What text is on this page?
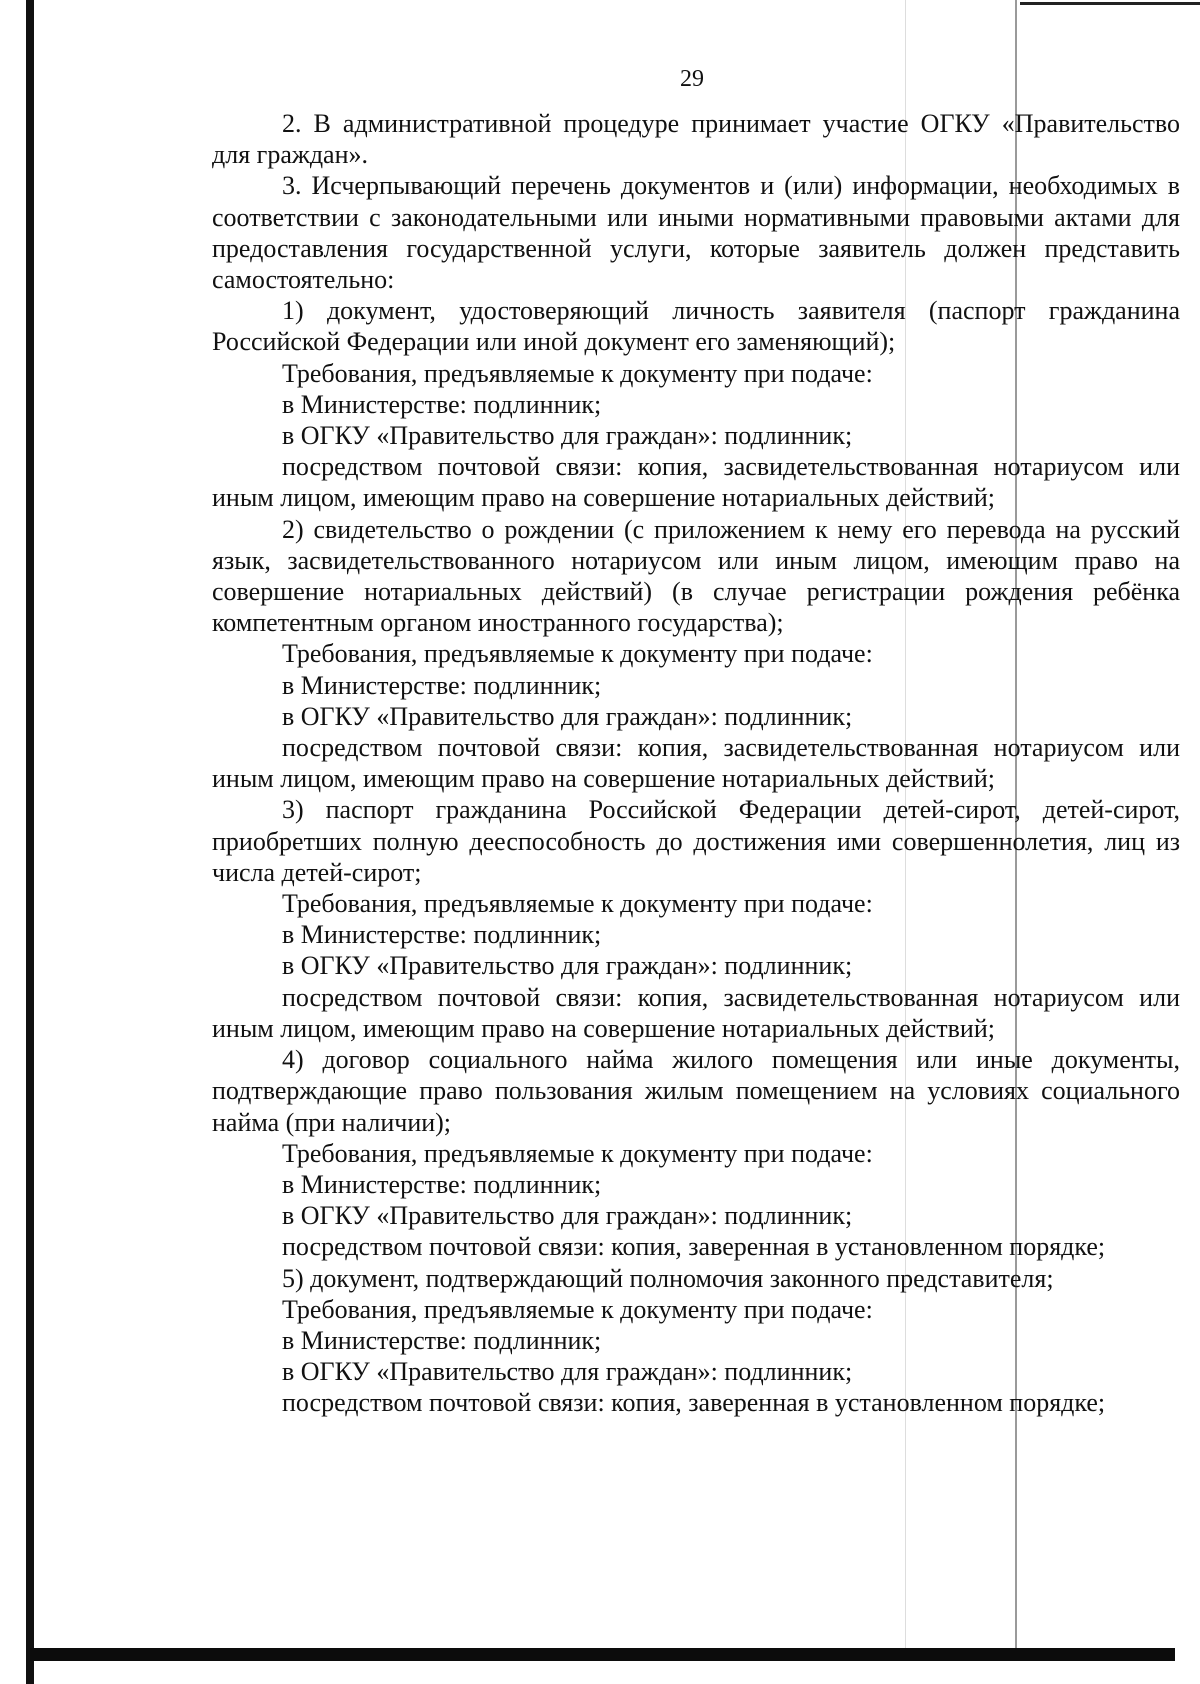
29

2. В административной процедуре принимает участие ОГКУ «Правительство для граждан».

3. Исчерпывающий перечень документов и (или) информации, необходимых в соответствии с законодательными или иными нормативными правовыми актами для предоставления государственной услуги, которые заявитель должен представить самостоятельно:

1) документ, удостоверяющий личность заявителя (паспорт гражданина Российской Федерации или иной документ его заменяющий);

Требования, предъявляемые к документу при подаче:

в Министерстве: подлинник;

в ОГКУ «Правительство для граждан»: подлинник;

посредством почтовой связи: копия, засвидетельствованная нотариусом или иным лицом, имеющим право на совершение нотариальных действий;

2) свидетельство о рождении (с приложением к нему его перевода на русский язык, засвидетельствованного нотариусом или иным лицом, имеющим право на совершение нотариальных действий) (в случае регистрации рождения ребёнка компетентным органом иностранного государства);

Требования, предъявляемые к документу при подаче:

в Министерстве: подлинник;

в ОГКУ «Правительство для граждан»: подлинник;

посредством почтовой связи: копия, засвидетельствованная нотариусом или иным лицом, имеющим право на совершение нотариальных действий;

3) паспорт гражданина Российской Федерации детей-сирот, детей-сирот, приобретших полную дееспособность до достижения ими совершеннолетия, лиц из числа детей-сирот;

Требования, предъявляемые к документу при подаче:

в Министерстве: подлинник;

в ОГКУ «Правительство для граждан»: подлинник;

посредством почтовой связи: копия, засвидетельствованная нотариусом или иным лицом, имеющим право на совершение нотариальных действий;

4) договор социального найма жилого помещения или иные документы, подтверждающие право пользования жилым помещением на условиях социального найма (при наличии);

Требования, предъявляемые к документу при подаче:

в Министерстве: подлинник;

в ОГКУ «Правительство для граждан»: подлинник;

посредством почтовой связи: копия, заверенная в установленном порядке;

5) документ, подтверждающий полномочия законного представителя;

Требования, предъявляемые к документу при подаче:

в Министерстве: подлинник;

в ОГКУ «Правительство для граждан»: подлинник;

посредством почтовой связи: копия, заверенная в установленном порядке;
